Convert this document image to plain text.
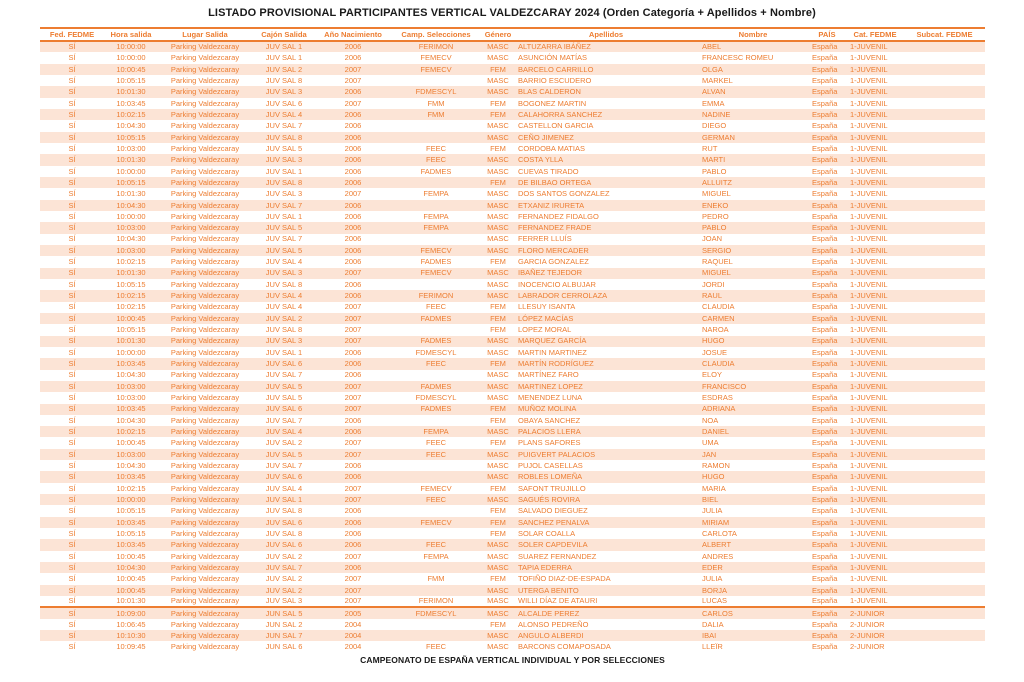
LISTADO PROVISIONAL PARTICIPANTES VERTICAL VALDEZCARAY 2024 (Orden Categoría + Apellidos + Nombre)
Fed. FEDME	Hora salida	Lugar Salida	Cajón Salida	Año Nacimiento	Camp. Selecciones	Género	Apellidos	Nombre	PAÍS	Cat. FEDME	Subcat. FEDME
SÍ	10:00:00	Parking Valdezcaray	JUV SAL 1	2006	FERIMON	MASC	ALTUZARRA IBÁÑEZ	ABEL	España	1-JUVENIL	
SÍ	10:00:00	Parking Valdezcaray	JUV SAL 1	2006	FEMECV	MASC	ASUNCIÓN MATÍAS	FRANCESC ROMEU	España	1-JUVENIL	
SÍ	10:00:45	Parking Valdezcaray	JUV SAL 2	2007	FEMECV	FEM	BARCELO CARRILLO	OLGA	España	1-JUVENIL	
SÍ	10:05:15	Parking Valdezcaray	JUV SAL 8	2007		MASC	BARRIO ESCUDERO	MARKEL	España	1-JUVENIL	
SÍ	10:01:30	Parking Valdezcaray	JUV SAL 3	2006	FDMESCYL	MASC	BLAS CALDERON	ALVAN	España	1-JUVENIL	
SÍ	10:03:45	Parking Valdezcaray	JUV SAL 6	2007	FMM	FEM	BOGONEZ MARTIN	EMMA	España	1-JUVENIL	
SÍ	10:02:15	Parking Valdezcaray	JUV SAL 4	2006	FMM	FEM	CALAHORRA SANCHEZ	NADINE	España	1-JUVENIL	
SÍ	10:04:30	Parking Valdezcaray	JUV SAL 7	2006		MASC	CASTELLON GARCIA	DIEGO	España	1-JUVENIL	
SÍ	10:05:15	Parking Valdezcaray	JUV SAL 8	2006		MASC	CEÑO JIMENEZ	GERMAN	España	1-JUVENIL	
SÍ	10:03:00	Parking Valdezcaray	JUV SAL 5	2006	FEEC	FEM	CORDOBA MATIAS	RUT	España	1-JUVENIL	
SÍ	10:01:30	Parking Valdezcaray	JUV SAL 3	2006	FEEC	MASC	COSTA YLLA	MARTI	España	1-JUVENIL	
SÍ	10:00:00	Parking Valdezcaray	JUV SAL 1	2006	FADMES	MASC	CUEVAS TIRADO	PABLO	España	1-JUVENIL	
SÍ	10:05:15	Parking Valdezcaray	JUV SAL 8	2006		FEM	DE BILBAO ORTEGA	ALLUITZ	España	1-JUVENIL	
SÍ	10:01:30	Parking Valdezcaray	JUV SAL 3	2007	FEMPA	MASC	DOS SANTOS GONZALEZ	MIGUEL	España	1-JUVENIL	
SÍ	10:04:30	Parking Valdezcaray	JUV SAL 7	2006		MASC	ETXANIZ IRURETA	ENEKO	España	1-JUVENIL	
SÍ	10:00:00	Parking Valdezcaray	JUV SAL 1	2006	FEMPA	MASC	FERNANDEZ FIDALGO	PEDRO	España	1-JUVENIL	
SÍ	10:03:00	Parking Valdezcaray	JUV SAL 5	2006	FEMPA	MASC	FERNANDEZ FRADE	PABLO	España	1-JUVENIL	
SÍ	10:04:30	Parking Valdezcaray	JUV SAL 7	2006		MASC	FERRER LLUÍS	JOAN	España	1-JUVENIL	
SÍ	10:03:00	Parking Valdezcaray	JUV SAL 5	2006	FEMECV	MASC	FLORO MERCADER	SERGIO	España	1-JUVENIL	
SÍ	10:02:15	Parking Valdezcaray	JUV SAL 4	2006	FADMES	FEM	GARCIA GONZALEZ	RAQUEL	España	1-JUVENIL	
SÍ	10:01:30	Parking Valdezcaray	JUV SAL 3	2007	FEMECV	MASC	IBAÑEZ TEJEDOR	MIGUEL	España	1-JUVENIL	
SÍ	10:05:15	Parking Valdezcaray	JUV SAL 8	2006		MASC	INOCENCIO ALBUJAR	JORDI	España	1-JUVENIL	
SÍ	10:02:15	Parking Valdezcaray	JUV SAL 4	2006	FERIMON	MASC	LABRADOR CERROLAZA	RAUL	España	1-JUVENIL	
SÍ	10:02:15	Parking Valdezcaray	JUV SAL 4	2007	FEEC	FEM	LLESUY ISANTA	CLAUDIA	España	1-JUVENIL	
SÍ	10:00:45	Parking Valdezcaray	JUV SAL 2	2007	FADMES	FEM	LÓPEZ MACÍAS	CARMEN	España	1-JUVENIL	
SÍ	10:05:15	Parking Valdezcaray	JUV SAL 8	2007		FEM	LOPEZ MORAL	NAROA	España	1-JUVENIL	
SÍ	10:01:30	Parking Valdezcaray	JUV SAL 3	2007	FADMES	MASC	MARQUEZ GARCÍA	HUGO	España	1-JUVENIL	
SÍ	10:00:00	Parking Valdezcaray	JUV SAL 1	2006	FDMESCYL	MASC	MARTIN MARTINEZ	JOSUE	España	1-JUVENIL	
SÍ	10:03:45	Parking Valdezcaray	JUV SAL 6	2006	FEEC	FEM	MARTÍN RODRÍGUEZ	CLAUDIA	España	1-JUVENIL	
SÍ	10:04:30	Parking Valdezcaray	JUV SAL 7	2006		MASC	MARTÍNEZ FARO	ELOY	España	1-JUVENIL	
SÍ	10:03:00	Parking Valdezcaray	JUV SAL 5	2007	FADMES	MASC	MARTINEZ LOPEZ	FRANCISCO	España	1-JUVENIL	
SÍ	10:03:00	Parking Valdezcaray	JUV SAL 5	2007	FDMESCYL	MASC	MENENDEZ LUNA	ESDRAS	España	1-JUVENIL	
SÍ	10:03:45	Parking Valdezcaray	JUV SAL 6	2007	FADMES	FEM	MUÑOZ MOLINA	ADRIANA	España	1-JUVENIL	
SÍ	10:04:30	Parking Valdezcaray	JUV SAL 7	2006		FEM	OBAYA SANCHEZ	NOA	España	1-JUVENIL	
SÍ	10:02:15	Parking Valdezcaray	JUV SAL 4	2006	FEMPA	MASC	PALACIOS LLERA	DANIEL	España	1-JUVENIL	
SÍ	10:00:45	Parking Valdezcaray	JUV SAL 2	2007	FEEC	FEM	PLANS SAFORES	UMA	España	1-JUVENIL	
SÍ	10:03:00	Parking Valdezcaray	JUV SAL 5	2007	FEEC	MASC	PUIGVERT PALACIOS	JAN	España	1-JUVENIL	
SÍ	10:04:30	Parking Valdezcaray	JUV SAL 7	2006		MASC	PUJOL CASELLAS	RAMON	España	1-JUVENIL	
SÍ	10:03:45	Parking Valdezcaray	JUV SAL 6	2006		MASC	ROBLES LOMEÑA	HUGO	España	1-JUVENIL	
SÍ	10:02:15	Parking Valdezcaray	JUV SAL 4	2007	FEMECV	FEM	SAFONT TRUJILLO	MARIA	España	1-JUVENIL	
SÍ	10:00:00	Parking Valdezcaray	JUV SAL 1	2007	FEEC	MASC	SAGUÉS ROVIRA	BIEL	España	1-JUVENIL	
SÍ	10:05:15	Parking Valdezcaray	JUV SAL 8	2006		FEM	SALVADO DIEGUEZ	JULIA	España	1-JUVENIL	
SÍ	10:03:45	Parking Valdezcaray	JUV SAL 6	2006	FEMECV	FEM	SANCHEZ PENALVA	MIRIAM	España	1-JUVENIL	
SÍ	10:05:15	Parking Valdezcaray	JUV SAL 8	2006		FEM	SOLAR COALLA	CARLOTA	España	1-JUVENIL	
SÍ	10:03:45	Parking Valdezcaray	JUV SAL 6	2006	FEEC	MASC	SOLER CAPDEVILA	ALBERT	España	1-JUVENIL	
SÍ	10:00:45	Parking Valdezcaray	JUV SAL 2	2007	FEMPA	MASC	SUAREZ FERNANDEZ	ANDRES	España	1-JUVENIL	
SÍ	10:04:30	Parking Valdezcaray	JUV SAL 7	2006		MASC	TAPIA EDERRA	EDER	España	1-JUVENIL	
SÍ	10:00:45	Parking Valdezcaray	JUV SAL 2	2007	FMM	FEM	TOFIÑO DIAZ-DE-ESPADA	JULIA	España	1-JUVENIL	
SÍ	10:00:45	Parking Valdezcaray	JUV SAL 2	2007		MASC	UTERGA BENITO	BORJA	España	1-JUVENIL	
SÍ	10:01:30	Parking Valdezcaray	JUV SAL 3	2007	FERIMON	MASC	WILLI DÍAZ DE ATAURI	LUCAS	España	1-JUVENIL	
SÍ	10:09:00	Parking Valdezcaray	JUN SAL 5	2005	FDMESCYL	MASC	ALCALDE PEREZ	CARLOS	España	2-JUNIOR	
SÍ	10:06:45	Parking Valdezcaray	JUN SAL 2	2004		FEM	ALONSO PEDREÑO	DALIA	España	2-JUNIOR	
SÍ	10:10:30	Parking Valdezcaray	JUN SAL 7	2004		MASC	ANGULO ALBERDI	IBAI	España	2-JUNIOR	
SÍ	10:09:45	Parking Valdezcaray	JUN SAL 6	2004	FEEC	MASC	BARCONS COMAPOSADA	LLEÏR	España	2-JUNIOR	
CAMPEONATO DE ESPAÑA VERTICAL INDIVIDUAL Y POR SELECCIONES
